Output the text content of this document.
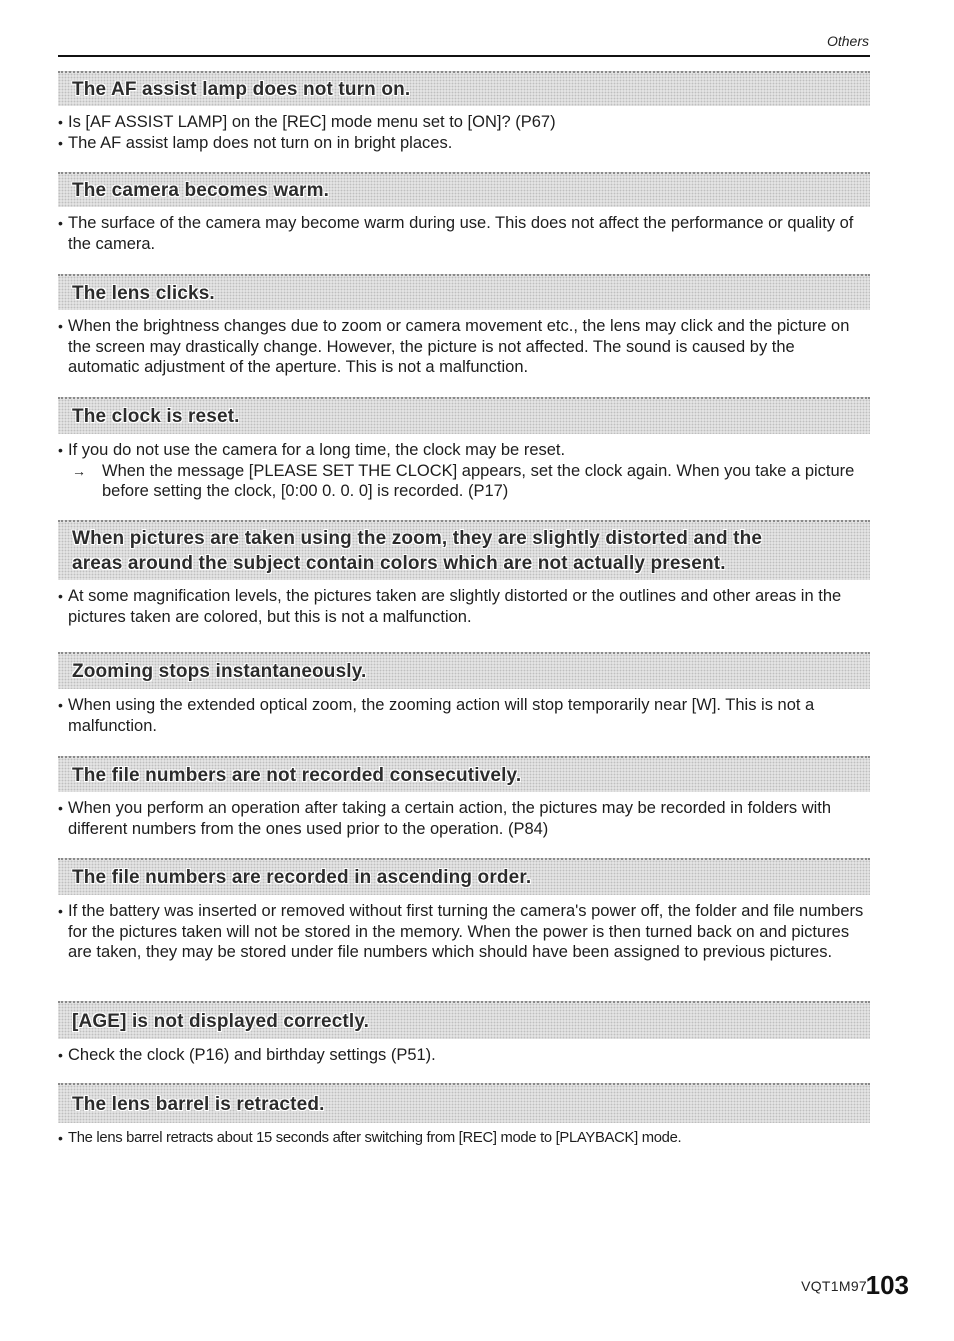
Others
The AF assist lamp does not turn on.
• Is [AF ASSIST LAMP] on the [REC] mode menu set to [ON]? (P67)
• The AF assist lamp does not turn on in bright places.
The camera becomes warm.
• The surface of the camera may become warm during use. This does not affect the performance or quality of the camera.
The lens clicks.
• When the brightness changes due to zoom or camera movement etc., the lens may click and the picture on the screen may drastically change. However, the picture is not affected. The sound is caused by the automatic adjustment of the aperture. This is not a malfunction.
The clock is reset.
• If you do not use the camera for a long time, the clock may be reset.
→ When the message [PLEASE SET THE CLOCK] appears, set the clock again. When you take a picture before setting the clock, [0:00 0. 0. 0] is recorded. (P17)
When pictures are taken using the zoom, they are slightly distorted and the
areas around the subject contain colors which are not actually present.
• At some magnification levels, the pictures taken are slightly distorted or the outlines and other areas in the pictures taken are colored, but this is not a malfunction.
Zooming stops instantaneously.
• When using the extended optical zoom, the zooming action will stop temporarily near [W]. This is not a malfunction.
The file numbers are not recorded consecutively.
• When you perform an operation after taking a certain action, the pictures may be recorded in folders with different numbers from the ones used prior to the operation. (P84)
The file numbers are recorded in ascending order.
• If the battery was inserted or removed without first turning the camera's power off, the folder and file numbers for the pictures taken will not be stored in the memory. When the power is then turned back on and pictures are taken, they may be stored under file numbers which should have been assigned to previous pictures.
[AGE] is not displayed correctly.
• Check the clock (P16) and birthday settings (P51).
The lens barrel is retracted.
• The lens barrel retracts about 15 seconds after switching from [REC] mode to [PLAYBACK] mode.
VQT1M97
103
